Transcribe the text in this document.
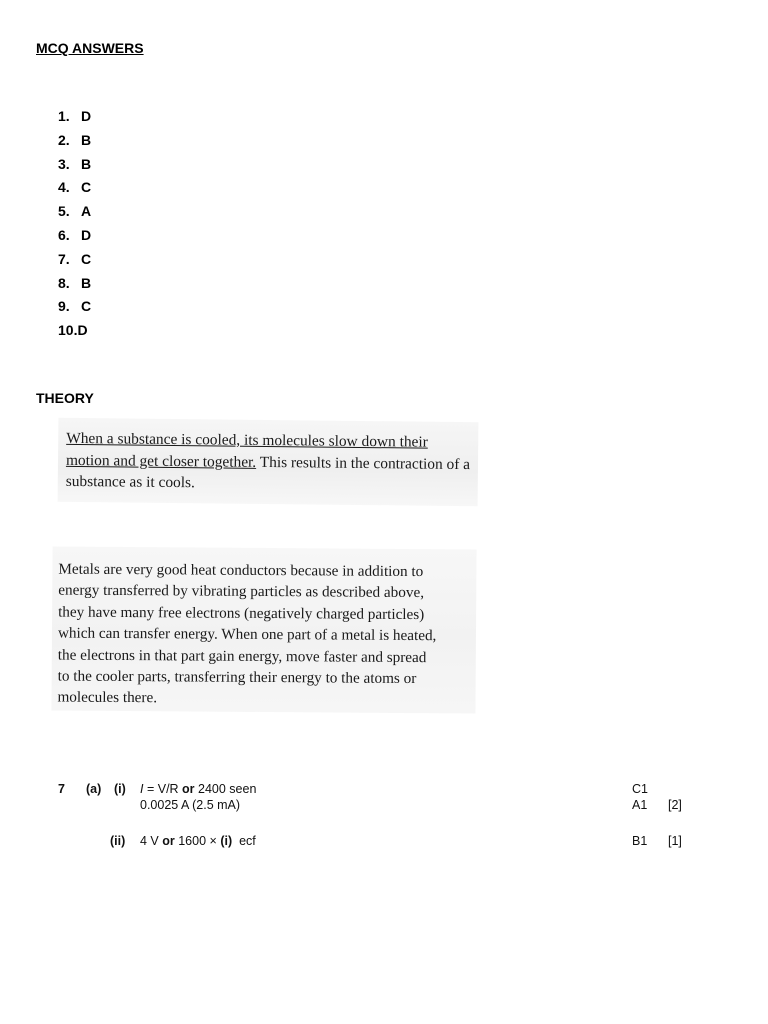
MCQ ANSWERS
1. D
2. B
3. B
4. C
5. A
6. D
7. C
8. B
9. C
10.D
THEORY

When a substance is cooled, its molecules slow down their motion and get closer together. This results in the contraction of a substance as it cools.

Metals are very good heat conductors because in addition to
energy transferred by vibrating particles as described above,
they have many free electrons (negatively charged particles)
which can transfer energy. When one part of a metal is heated,
the electrons in that part gain energy, move faster and spread
to the cooler parts, transferring their energy to the atoms or
molecules there.

7 (a) (i) I = V/R or 2400 seen	C1
0.0025 A (2.5 mA)	A1 [2]
(ii) 4 V or 1600 × (i) ecf	B1 [1]
